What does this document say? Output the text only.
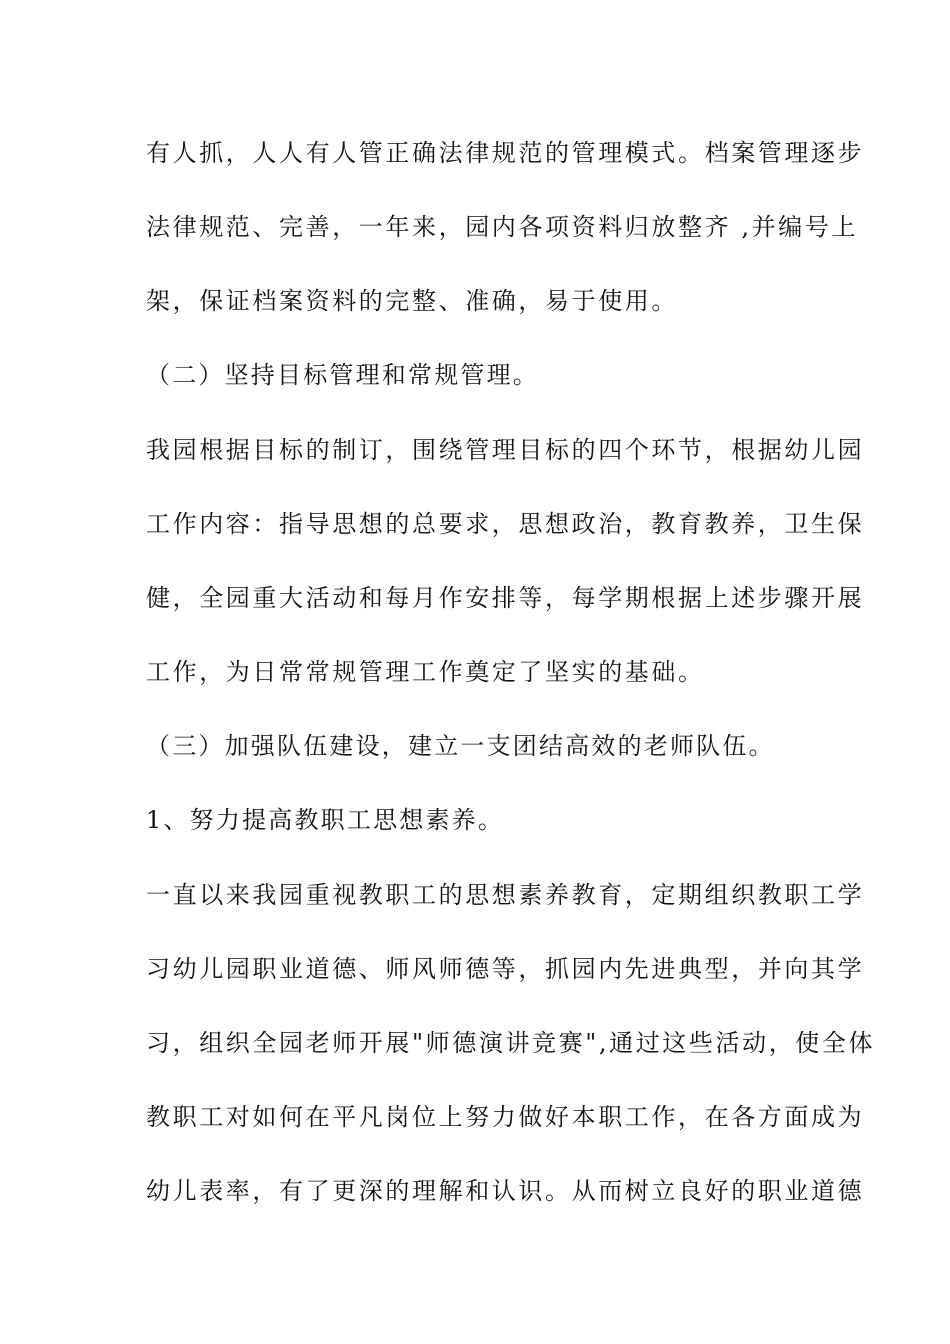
有人抓，人人有人管正确法律规范的管理模式。档案管理逐步
法律规范、完善，一年来，园内各项资料归放整齐 ,并编号上
架，保证档案资料的完整、准确，易于使用。
（二）坚持目标管理和常规管理。
我园根据目标的制订，围绕管理目标的四个环节，根据幼儿园
工作内容：指导思想的总要求，思想政治，教育教养，卫生保
健，全园重大活动和每月作安排等，每学期根据上述步骤开展
工作，为日常常规管理工作奠定了坚实的基础。
（三）加强队伍建设，建立一支团结高效的老师队伍。
1、努力提高教职工思想素养。
一直以来我园重视教职工的思想素养教育，定期组织教职工学
习幼儿园职业道德、师风师德等，抓园内先进典型，并向其学
习，组织全园老师开展"师德演讲竞赛",通过这些活动，使全体
教职工对如何在平凡岗位上努力做好本职工作，在各方面成为
幼儿表率，有了更深的理解和认识。从而树立良好的职业道德
